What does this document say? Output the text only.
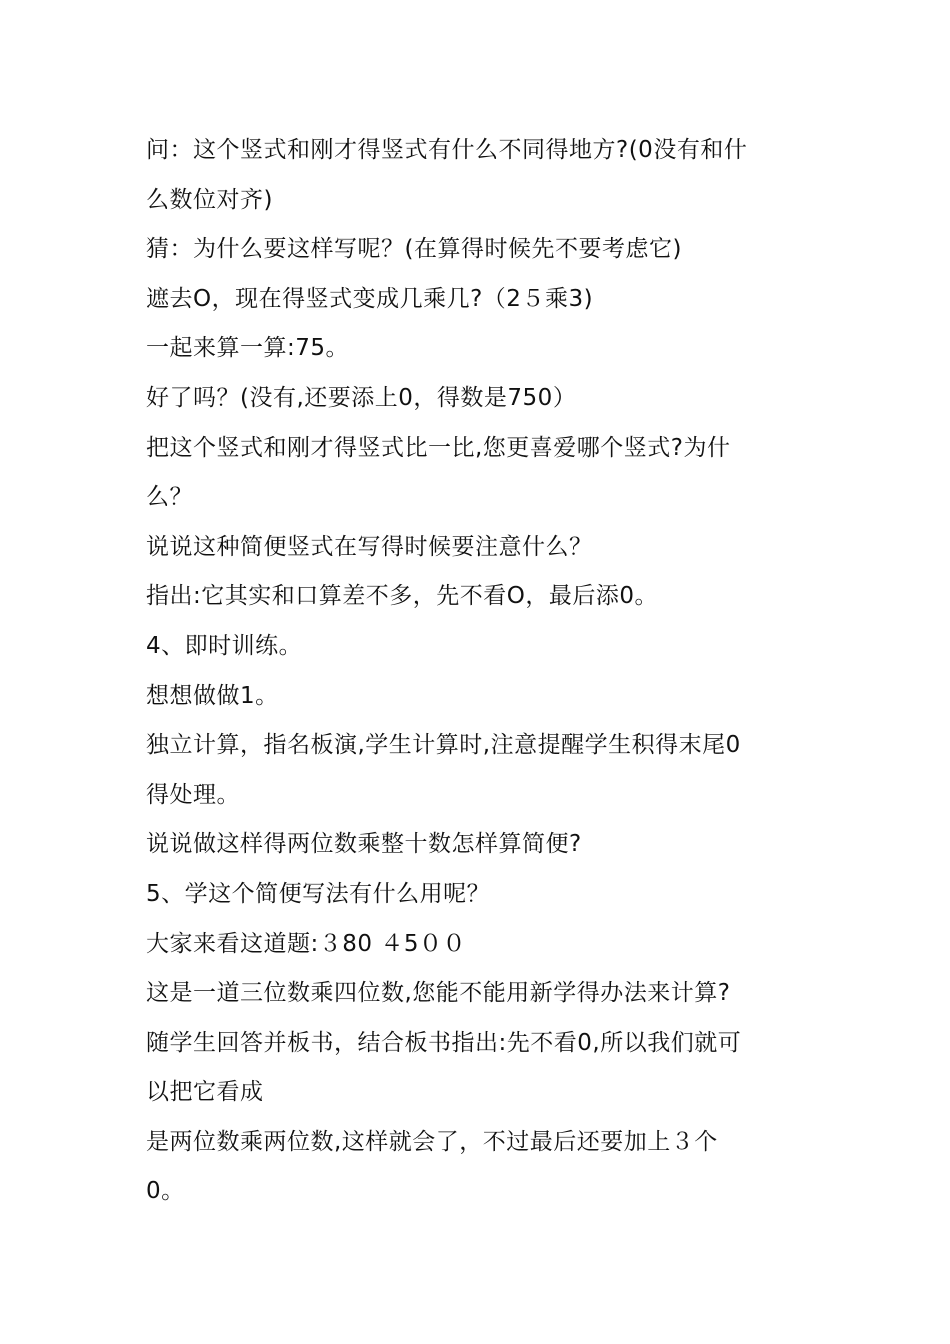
问：这个竖式和刚才得竖式有什么不同得地方?(0没有和什
么数位对齐)
猜：为什么要这样写呢？(在算得时候先不要考虑它)
遮去O，现在得竖式变成几乘几?（2５乘3)
一起来算一算:75。
好了吗？(没有,还要添上0，得数是750）
把这个竖式和刚才得竖式比一比,您更喜爱哪个竖式?为什
么？
说说这种简便竖式在写得时候要注意什么？
指出:它其实和口算差不多，先不看O，最后添0。
4、即时训练。
想想做做1。
独立计算，指名板演,学生计算时,注意提醒学生积得末尾0
得处理。
说说做这样得两位数乘整十数怎样算简便?
5、学这个简便写法有什么用呢？
大家来看这道题:３80 ４5００
这是一道三位数乘四位数,您能不能用新学得办法来计算?
随学生回答并板书，结合板书指出:先不看0,所以我们就可
以把它看成
是两位数乘两位数,这样就会了，不过最后还要加上３个
0。
